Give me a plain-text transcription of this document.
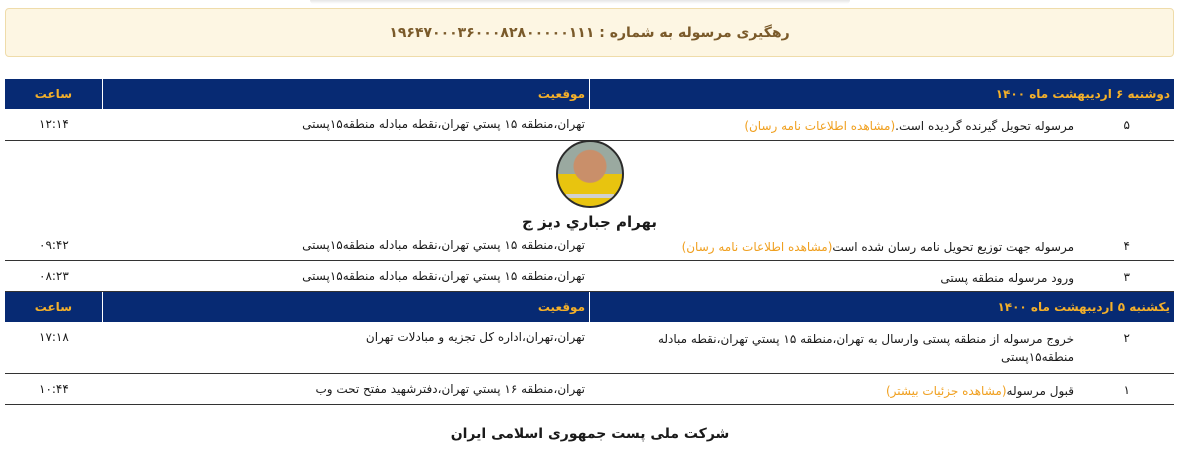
رهگیری مرسوله به شماره : ۱۹۶۴۷۰۰۰۳۶۰۰۰۸۲۸۰۰۰۰۰۱۱۱
دوشنبه ۶ ارديبهشت ماه ۱۴۰۰
موقعیت
ساعت
۵
مرسوله تحويل گيرنده گرديده است.(مشاهده اطلاعات نامه رسان)
تهران،منطقه ۱۵ پستي تهران،نقطه مبادله منطقه۱۵پستی
۱۲:۱۴
بهرام جباري ديز ج
۴
مرسوله جهت توزيع تحويل نامه رسان شده است(مشاهده اطلاعات نامه رسان)
تهران،منطقه ۱۵ پستي تهران،نقطه مبادله منطقه۱۵پستی
۰۹:۴۲
۳
ورود مرسوله منطقه پستی
تهران،منطقه ۱۵ پستي تهران،نقطه مبادله منطقه۱۵پستی
۰۸:۲۳
یکشنبه ۵ ارديبهشت ماه ۱۴۰۰
موقعیت
ساعت
۲
خروج مرسوله از منطقه پستی وارسال به تهران،منطقه ۱۵ پستي تهران،نقطه مبادله منطقه۱۵پستی
تهران،تهران،اداره کل تجزیه و مبادلات تهران
۱۷:۱۸
۱
قبول مرسوله(مشاهده جزئیات بیشتر)
تهران،منطقه ۱۶ پستي تهران،دفترشهید مفتح تحت وب
۱۰:۴۴
شرکت ملی پست جمهوری اسلامی ایران
